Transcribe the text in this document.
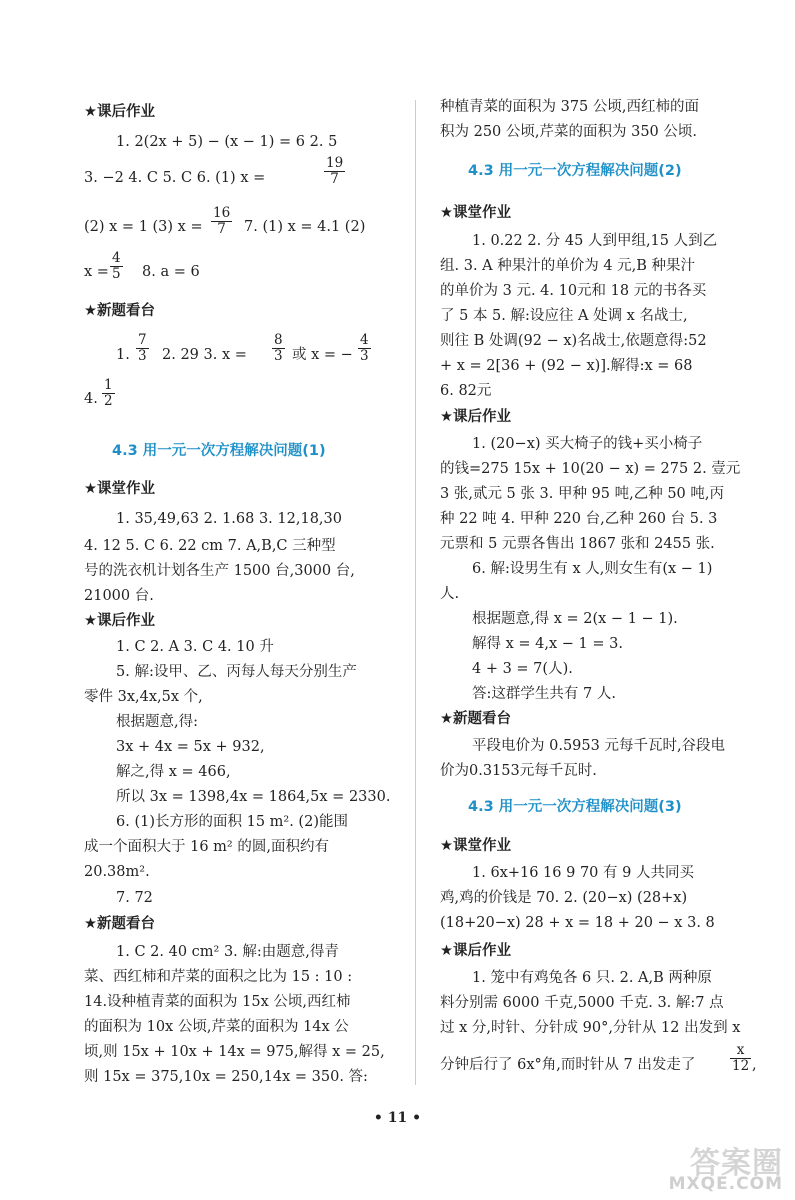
★课后作业
1. 2(2x + 5) − (x − 1) = 6 2. 5
3. −2 4. C 5. C 6. (1) x =	$\frac{19}{7}$
(2) x = 1 (3) $x = \frac{16}{7} 7$. (1) x = 4.1 (2)
$x = \frac{4}{5} 8$. a = 6
★新题看台
1. $\frac{7}{3} 2$. 29 3. $x = \frac{8}{3}$ 或 x = − $\frac{4}{3}$
4. $\frac{1}{2}$
4.3 用一元一次方程解决问题(1)
★课堂作业
1. 35,49,63 2. 1.68 3. 12,18,30
4. 12 5. C 6. 22 cm 7. A,B,C 三种型
号的洗衣机计划各生产 1500 台,3000 台,
21000 台.
★课后作业
1. C 2. A 3. C 4. 10 升
5. 解:设甲、乙、丙每人每天分别生产
零件 3x,4x,5x 个,
根据题意,得:
3x + 4x = 5x + 932,
解之,得 x = 466,
所以 3x = 1398,4x = 1864,5x = 2330.
6. (1)长方形的面积 15 m². (2)能围
成一个面积大于 16 m² 的圆,面积约有
20.38m².
7. 72
★新题看台
1. C 2. 40 cm² 3. 解:由题意,得青
菜、西红柿和芹菜的面积之比为 15 : 10 :
14.设种植青菜的面积为 15x 公顷,西红柿
的面积为 10x 公顷,芹菜的面积为 14x 公
顷,则 15x + 10x + 14x = 975,解得 x = 25,
则 15x = 375,10x = 250,14x = 350. 答:
种植青菜的面积为 375 公顷,西红柿的面
积为 250 公顷,芹菜的面积为 350 公顷.
4.3 用一元一次方程解决问题(2)
★课堂作业
1. 0.22 2. 分 45 人到甲组,15 人到乙
组. 3. A 种果汁的单价为 4 元,B 种果汁
的单价为 3 元. 4. 10元和 18 元的书各买
了 5 本 5. 解:设应往 A 处调 x 名战士,
则往 B 处调(92 − x)名战士,依题意得:52
+ x = 2[36 + (92 − x)].解得:x = 68
6. 82元
★课后作业
1. (20−x) 买大椅子的钱+买小椅子
的钱=275 15x + 10(20 − x) = 275 2. 壹元
3 张,贰元 5 张 3. 甲种 95 吨,乙种 50 吨,丙
种 22 吨 4. 甲种 220 台,乙种 260 台 5. 3
元票和 5 元票各售出 1867 张和 2455 张.
6. 解:设男生有 x 人,则女生有(x − 1)
人.
根据题意,得 x = 2(x − 1 − 1).
解得 x = 4,x − 1 = 3.
4 + 3 = 7(人).
答:这群学生共有 7 人.
★新题看台
平段电价为 0.5953 元每千瓦时,谷段电
价为0.3153元每千瓦时.
4.3 用一元一次方程解决问题(3)
★课堂作业
1. 6x+16 16 9 70 有 9 人共同买
鸡,鸡的价钱是 70. 2. (20−x) (28+x)
(18+20−x) 28 + x = 18 + 20 − x 3. 8
★课后作业
1. 笼中有鸡兔各 6 只. 2. A,B 两种原
料分别需 6000 千克,5000 千克. 3. 解:7 点
过 x 分,时针、分针成 90°,分针从 12 出发到 x
分钟后行了 6x°角,而时针从 7 出发走了	$\frac{x}{12}$ ,
• 11 •
答案圈
MXQE.COM
